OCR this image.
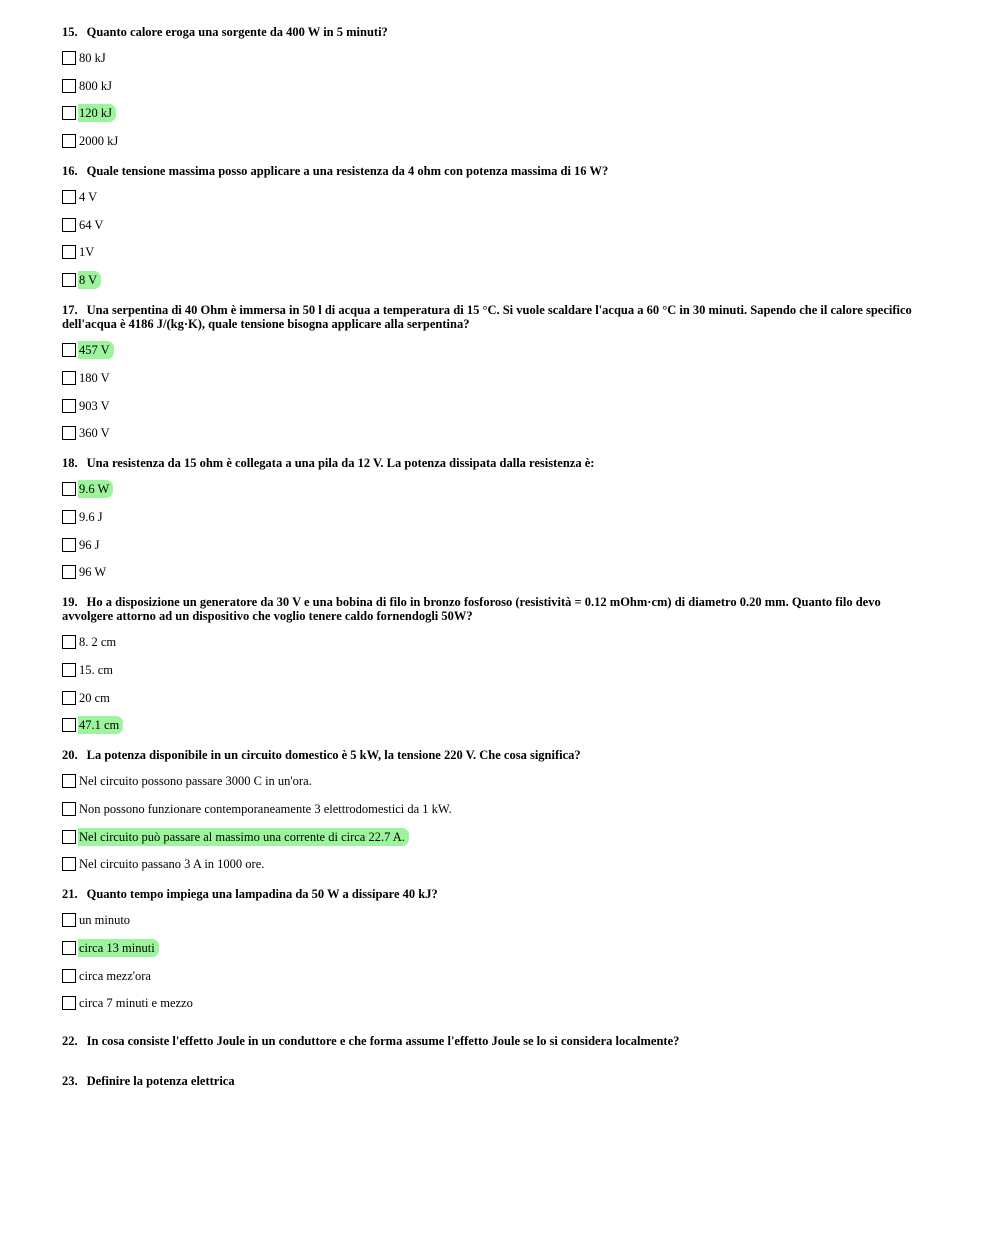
15. Quanto calore eroga una sorgente da 400 W in 5 minuti?
80 kJ
800 kJ
120 kJ
2000 kJ
16. Quale tensione massima posso applicare a una resistenza da 4 ohm con potenza massima di 16 W?
4 V
64 V
1V
8 V
17. Una serpentina di 40 Ohm è immersa in 50 l di acqua a temperatura di 15 °C. Si vuole scaldare l'acqua a 60 °C in 30 minuti. Sapendo che il calore specifico dell'acqua è 4186 J/(kg·K), quale tensione bisogna applicare alla serpentina?
457 V
180 V
903 V
360 V
18. Una resistenza da 15 ohm è collegata a una pila da 12 V. La potenza dissipata dalla resistenza è:
9.6 W
9.6 J
96 J
96 W
19. Ho a disposizione un generatore da 30 V e una bobina di filo in bronzo fosforoso (resistività = 0.12 mOhm·cm) di diametro 0.20 mm. Quanto filo devo avvolgere attorno ad un dispositivo che voglio tenere caldo fornendogli 50W?
8. 2 cm
15. cm
20 cm
47.1 cm
20. La potenza disponibile in un circuito domestico è 5 kW, la tensione 220 V. Che cosa significa?
Nel circuito possono passare 3000 C in un'ora.
Non possono funzionare contemporaneamente 3 elettrodomestici da 1 kW.
Nel circuito può passare al massimo una corrente di circa 22.7 A.
Nel circuito passano 3 A in 1000 ore.
21. Quanto tempo impiega una lampadina da 50 W a dissipare 40 kJ?
un minuto
circa 13 minuti
circa mezz'ora
circa 7 minuti e mezzo
22. In cosa consiste l'effetto Joule in un conduttore e che forma assume l'effetto Joule se lo si considera localmente?
23. Definire la potenza elettrica
